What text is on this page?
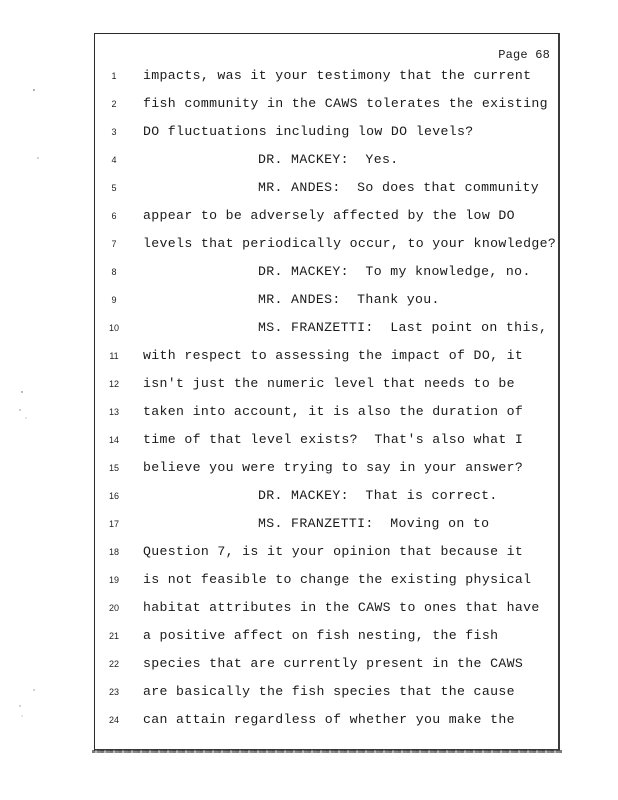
Page 68
1	impacts, was it your testimony that the current
2	fish community in the CAWS tolerates the existing
3	DO fluctuations including low DO levels?
4	DR. MACKEY:  Yes.
5	MR. ANDES:  So does that community
6	appear to be adversely affected by the low DO
7	levels that periodically occur, to your knowledge?
8	DR. MACKEY:  To my knowledge, no.
9	MR. ANDES:  Thank you.
10	MS. FRANZETTI:  Last point on this,
11	with respect to assessing the impact of DO, it
12	isn't just the numeric level that needs to be
13	taken into account, it is also the duration of
14	time of that level exists?  That's also what I
15	believe you were trying to say in your answer?
16	DR. MACKEY:  That is correct.
17	MS. FRANZETTI:  Moving on to
18	Question 7, is it your opinion that because it
19	is not feasible to change the existing physical
20	habitat attributes in the CAWS to ones that have
21	a positive affect on fish nesting, the fish
22	species that are currently present in the CAWS
23	are basically the fish species that the cause
24	can attain regardless of whether you make the
